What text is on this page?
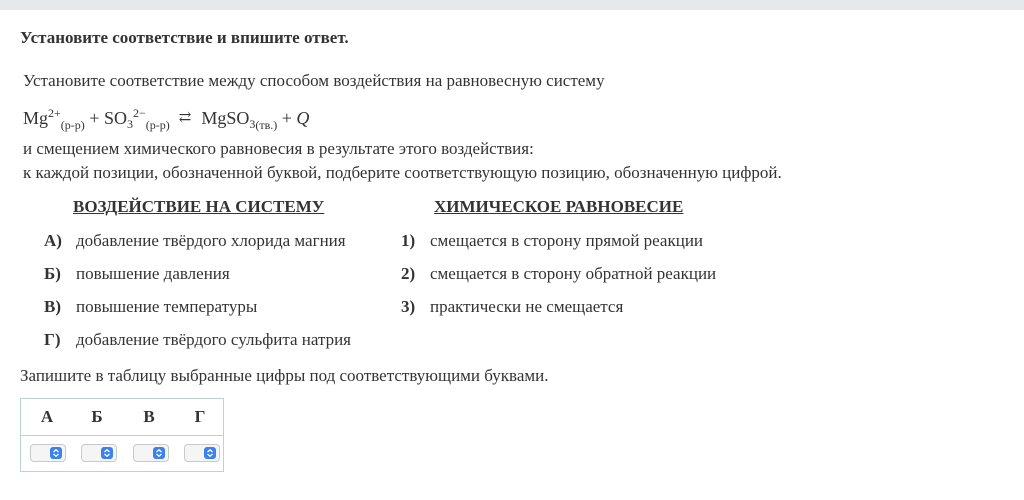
Установите соответствие и впишите ответ.
Установите соответствие между способом воздействия на равновесную систему
$Mg^{2+}_{(р-р)} + SO_3^{2-}_{(р-р)}$ ⇄ MgSO$_{3(тв.)}$ + Q
и смещением химического равновесия в результате этого воздействия:
к каждой позиции, обозначенной буквой, подберите соответствующую позицию, обозначенную цифрой.
ВОЗДЕЙСТВИЕ НА СИСТЕМУ	ХИМИЧЕСКОЕ РАВНОВЕСИЕ
А) добавление твёрдого хлорида магния
Б) повышение давления
В) повышение температуры
Г) добавление твёрдого сульфита натрия
1) смещается в сторону прямой реакции
2) смещается в сторону обратной реакции
3) практически не смещается
Запишите в таблицу выбранные цифры под соответствующими буквами.
А	Б	В	Г
